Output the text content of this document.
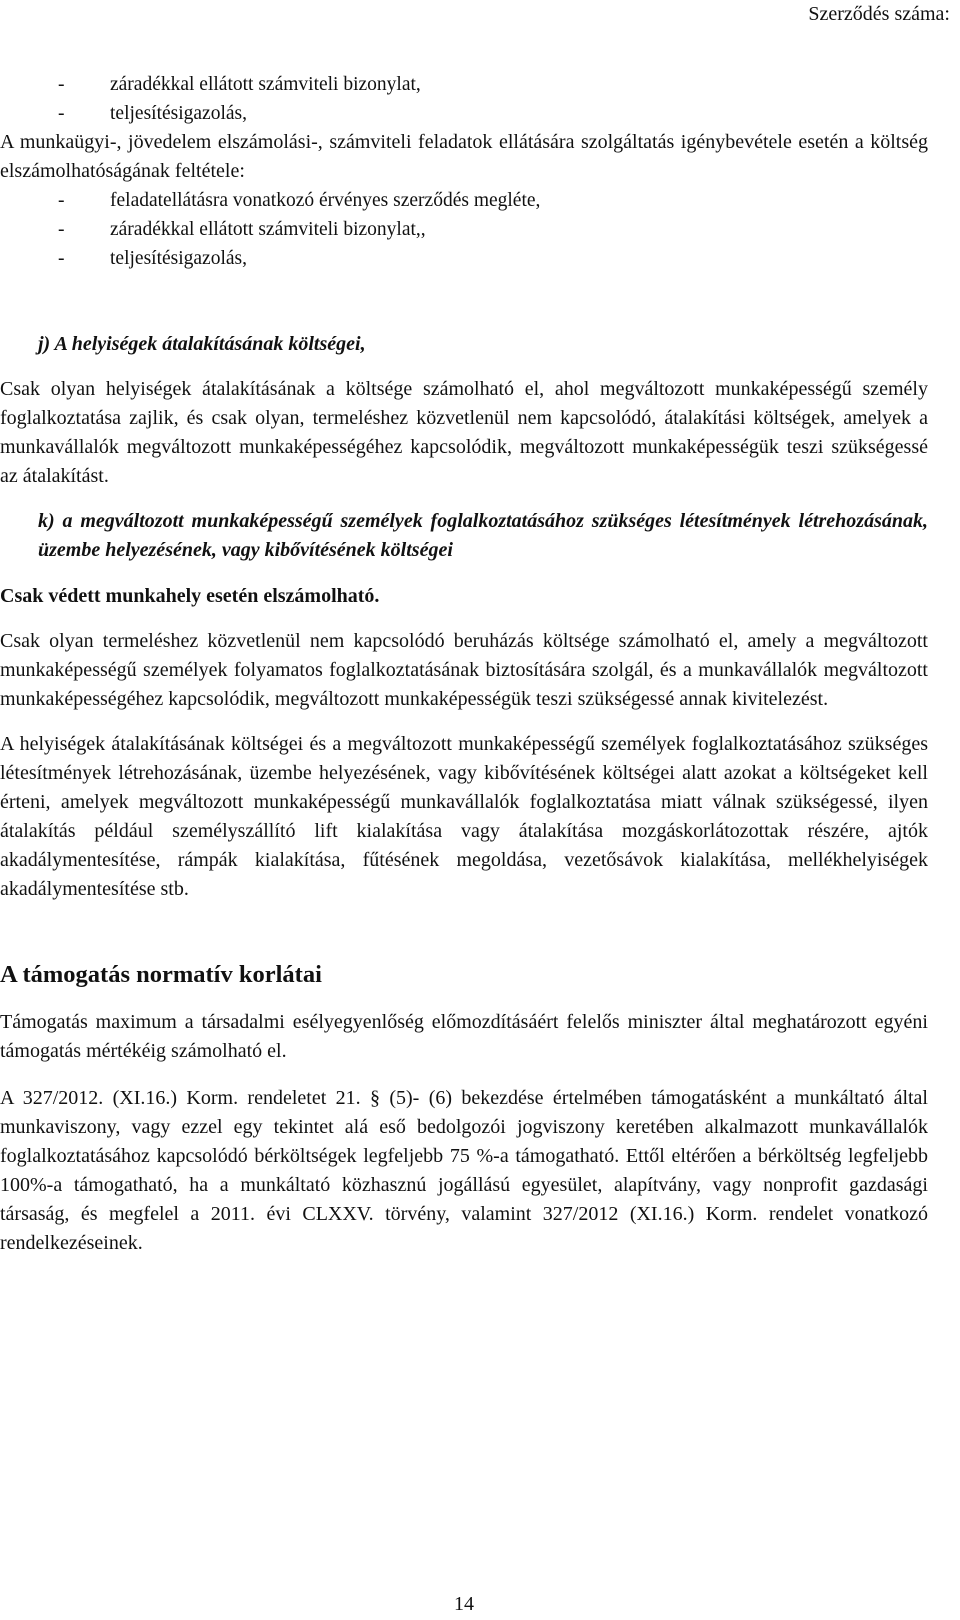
Szerződés száma:
- záradékkal ellátott számviteli bizonylat,
- teljesítésigazolás,
A munkaügyi-, jövedelem elszámolási-, számviteli feladatok ellátására szolgáltatás igénybevétele esetén a költség elszámolhatóságának feltétele:
- feladatellátásra vonatkozó érvényes szerződés megléte,
- záradékkal ellátott számviteli bizonylat,,
- teljesítésigazolás,
j) A helyiségek átalakításának költségei,
Csak olyan helyiségek átalakításának a költsége számolható el, ahol megváltozott munkaképességű személy foglalkoztatása zajlik, és csak olyan, termeléshez közvetlenül nem kapcsolódó, átalakítási költségek, amelyek a munkavállalók megváltozott munkaképességéhez kapcsolódik, megváltozott munkaképességük teszi szükségessé az átalakítást.
k) a megváltozott munkaképességű személyek foglalkoztatásához szükséges létesítmények létrehozásának, üzembe helyezésének, vagy kibővítésének költségei
Csak védett munkahely esetén elszámolható.
Csak olyan termeléshez közvetlenül nem kapcsolódó beruházás költsége számolható el, amely a megváltozott munkaképességű személyek folyamatos foglalkoztatásának biztosítására szolgál, és a munkavállalók megváltozott munkaképességéhez kapcsolódik, megváltozott munkaképességük teszi szükségessé annak kivitelezést.
A helyiségek átalakításának költségei és a megváltozott munkaképességű személyek foglalkoztatásához szükséges létesítmények létrehozásának, üzembe helyezésének, vagy kibővítésének költségei alatt azokat a költségeket kell érteni, amelyek megváltozott munkaképességű munkavállalók foglalkoztatása miatt válnak szükségessé, ilyen átalakítás például személyszállító lift kialakítása vagy átalakítása mozgáskorlátozottak részére, ajtók akadálymentesítése, rámpák kialakítása, fűtésének megoldása, vezetősávok kialakítása, mellékhelyiségek akadálymentesítése stb.
A támogatás normatív korlátai
Támogatás maximum a társadalmi esélyegyenlőség előmozdításáért felelős miniszter által meghatározott egyéni támogatás mértékéig számolható el.
A 327/2012. (XI.16.) Korm. rendeletet 21. § (5)- (6) bekezdése értelmében támogatásként a munkáltató által munkaviszony, vagy ezzel egy tekintet alá eső bedolgozói jogviszony keretében alkalmazott munkavállalók foglalkoztatásához kapcsolódó bérköltségek legfeljebb 75 %-a támogatható. Ettől eltérően a bérköltség legfeljebb 100%-a támogatható, ha a munkáltató közhasznú jogállású egyesület, alapítvány, vagy nonprofit gazdasági társaság, és megfelel a 2011. évi CLXXV. törvény, valamint 327/2012 (XI.16.) Korm. rendelet vonatkozó rendelkezéseinek.
14
